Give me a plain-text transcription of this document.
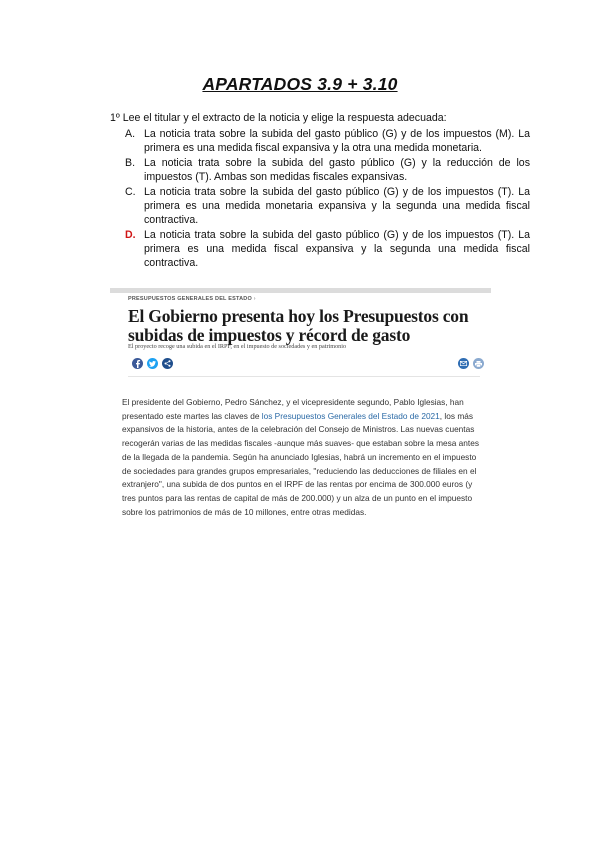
APARTADOS 3.9 + 3.10
1º Lee el titular y el extracto de la noticia y elige la respuesta adecuada:
A. La noticia trata sobre la subida del gasto público (G) y de los impuestos (M). La primera es una medida fiscal expansiva y la otra una medida monetaria.
B. La noticia trata sobre la subida del gasto público (G) y la reducción de los impuestos (T). Ambas son medidas fiscales expansivas.
C. La noticia trata sobre la subida del gasto público (G) y de los impuestos (T). La primera es una medida monetaria expansiva y la segunda una medida fiscal contractiva.
D. La noticia trata sobre la subida del gasto público (G) y de los impuestos (T). La primera es una medida fiscal expansiva y la segunda una medida fiscal contractiva.
PRESUPUESTOS GENERALES DEL ESTADO ›
El Gobierno presenta hoy los Presupuestos con subidas de impuestos y récord de gasto
El proyecto recoge una subida en el IRPF, en el impuesto de sociedades y en patrimonio
El presidente del Gobierno, Pedro Sánchez, y el vicepresidente segundo, Pablo Iglesias, han presentado este martes las claves de los Presupuestos Generales del Estado de 2021, los más expansivos de la historia, antes de la celebración del Consejo de Ministros. Las nuevas cuentas recogerán varias de las medidas fiscales -aunque más suaves- que estaban sobre la mesa antes de la llegada de la pandemia. Según ha anunciado Iglesias, habrá un incremento en el impuesto de sociedades para grandes grupos empresariales, "reduciendo las deducciones de filiales en el extranjero", una subida de dos puntos en el IRPF de las rentas por encima de 300.000 euros (y tres puntos para las rentas de capital de más de 200.000) y un alza de un punto en el impuesto sobre los patrimonios de más de 10 millones, entre otras medidas.
